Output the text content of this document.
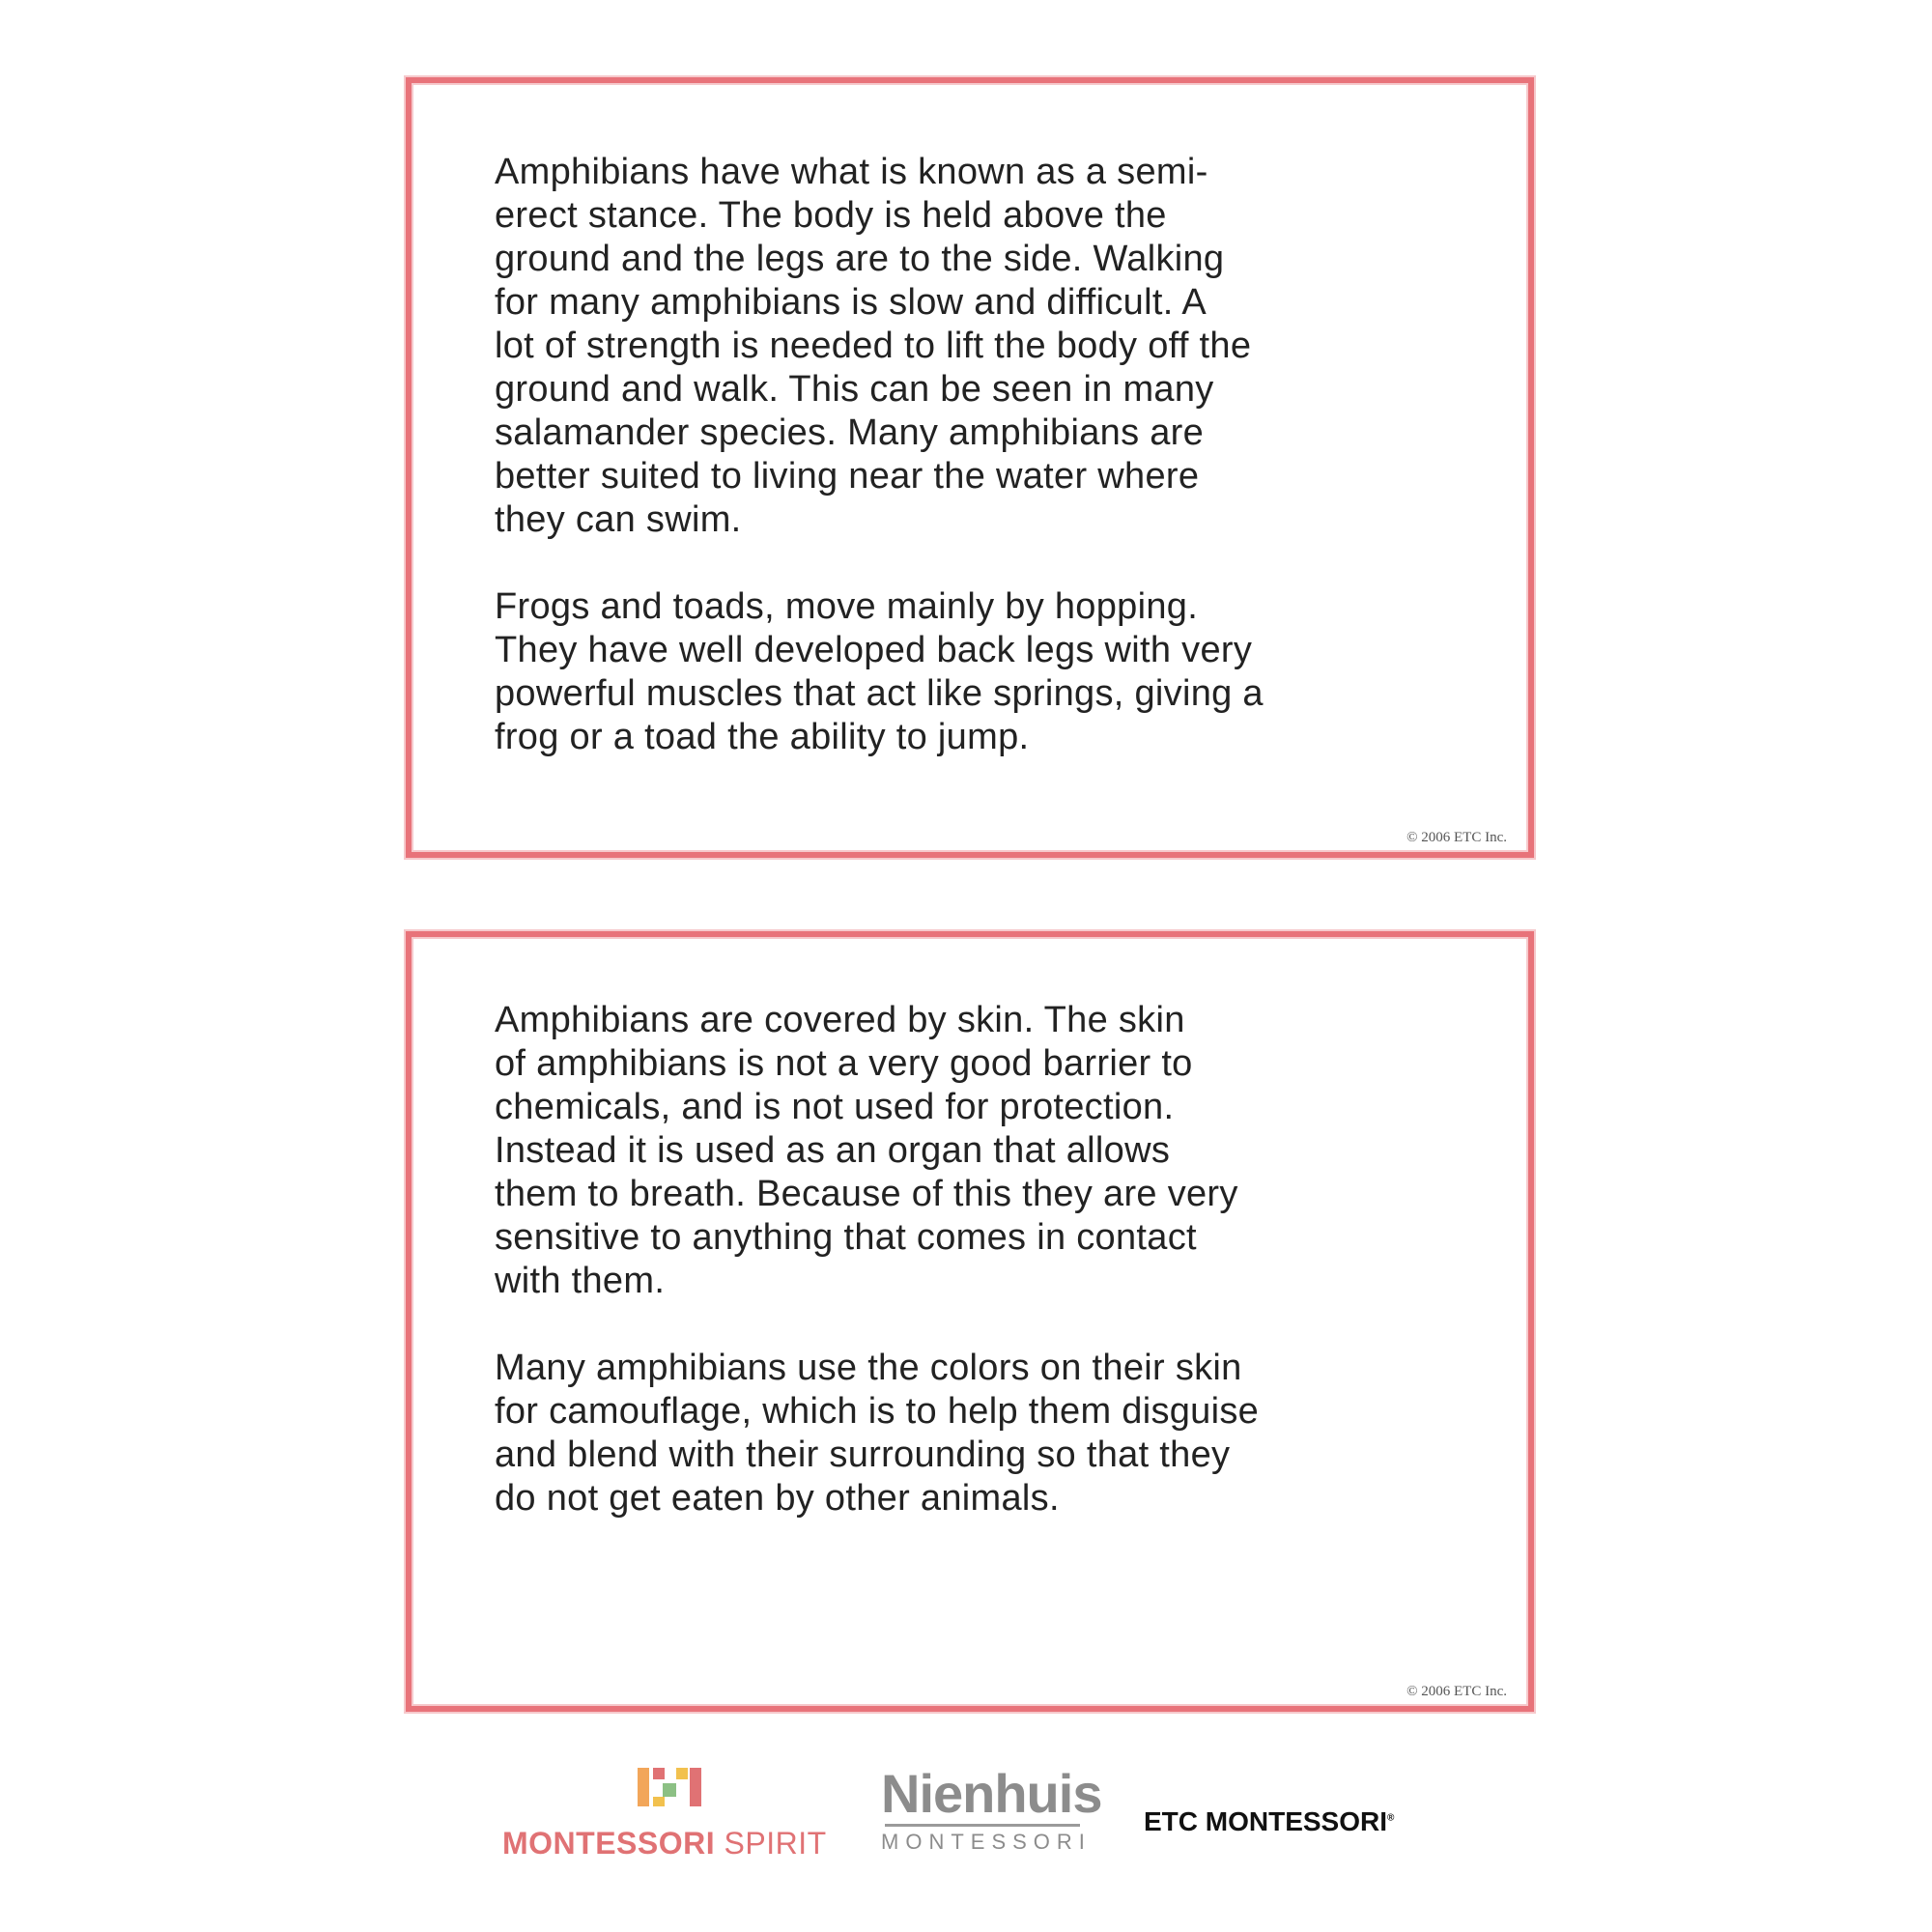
Amphibians have what is known as a semi-
erect stance. The body is held above the
ground and the legs are to the side. Walking
for many amphibians is slow and difficult. A
lot of strength is needed to lift the body off the
ground and walk. This can be seen in many
salamander species. Many amphibians are
better suited to living near the water where
they can swim.

Frogs and toads, move mainly by hopping.
They have well developed back legs with very
powerful muscles that act like springs, giving a
frog or a toad the ability to jump.

© 2006 ETC Inc.

Amphibians are covered by skin. The skin
of amphibians is not a very good barrier to
chemicals, and is not used for protection.
Instead it is used as an organ that allows
them to breath. Because of this they are very
sensitive to anything that comes in contact
with them.

Many amphibians use the colors on their skin
for camouflage, which is to help them disguise
and blend with their surrounding so that they
do not get eaten by other animals.

© 2006 ETC Inc.
MONTESSORI SPIRIT
Nienhuis
MONTESSORI
ETC MONTESSORI®
